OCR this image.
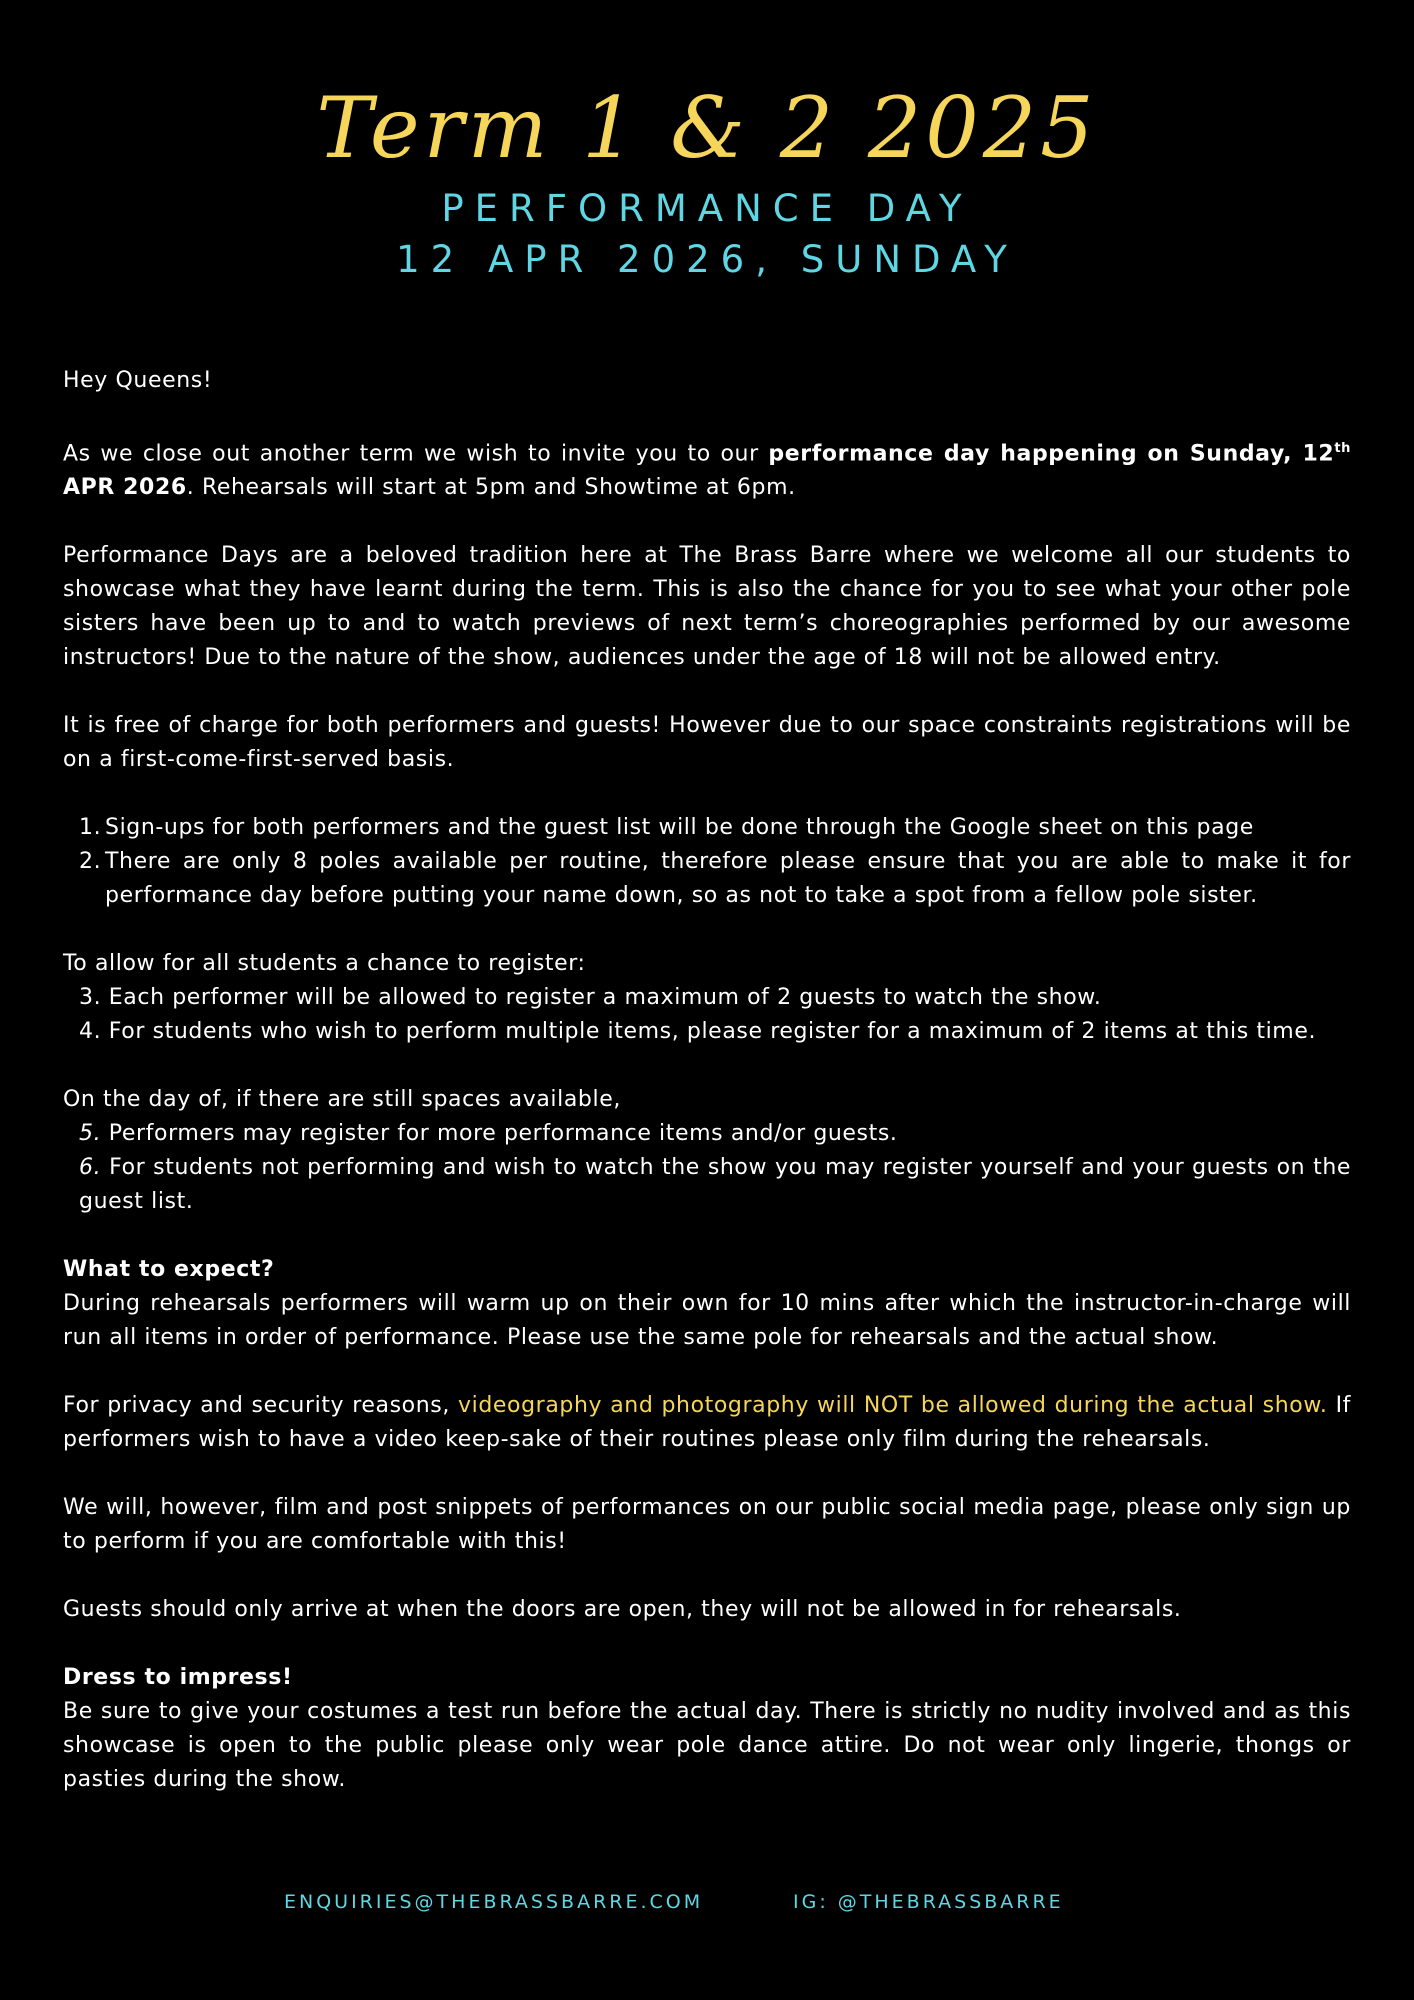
Term 1 & 2 2025
PERFORMANCE DAY
12 APR 2026, SUNDAY

Hey Queens!

As we close out another term we wish to invite you to our performance day happening on Sunday, 12th APR 2026. Rehearsals will start at 5pm and Showtime at 6pm.

Performance Days are a beloved tradition here at The Brass Barre where we welcome all our students to showcase what they have learnt during the term. This is also the chance for you to see what your other pole sisters have been up to and to watch previews of next term’s choreographies performed by our awesome instructors! Due to the nature of the show, audiences under the age of 18 will not be allowed entry.

It is free of charge for both performers and guests! However due to our space constraints registrations will be on a first-come-first-served basis.

1. Sign-ups for both performers and the guest list will be done through the Google sheet on this page
2. There are only 8 poles available per routine, therefore please ensure that you are able to make it for performance day before putting your name down, so as not to take a spot from a fellow pole sister.
To allow for all students a chance to register:
3. Each performer will be allowed to register a maximum of 2 guests to watch the show.
4. For students who wish to perform multiple items, please register for a maximum of 2 items at this time.
On the day of, if there are still spaces available,
5. Performers may register for more performance items and/or guests.
6. For students not performing and wish to watch the show you may register yourself and your guests on the guest list.
What to expect?

During rehearsals performers will warm up on their own for 10 mins after which the instructor-in-charge will run all items in order of performance. Please use the same pole for rehearsals and the actual show.

For privacy and security reasons, videography and photography will NOT be allowed during the actual show. If performers wish to have a video keep-sake of their routines please only film during the rehearsals.

We will, however, film and post snippets of performances on our public social media page, please only sign up to perform if you are comfortable with this!

Guests should only arrive at when the doors are open, they will not be allowed in for rehearsals.

Dress to impress!

Be sure to give your costumes a test run before the actual day. There is strictly no nudity involved and as this showcase is open to the public please only wear pole dance attire. Do not wear only lingerie, thongs or pasties during the show.

ENQUIRIES@THEBRASSBARRE.COM	IG: @THEBRASSBARRE
